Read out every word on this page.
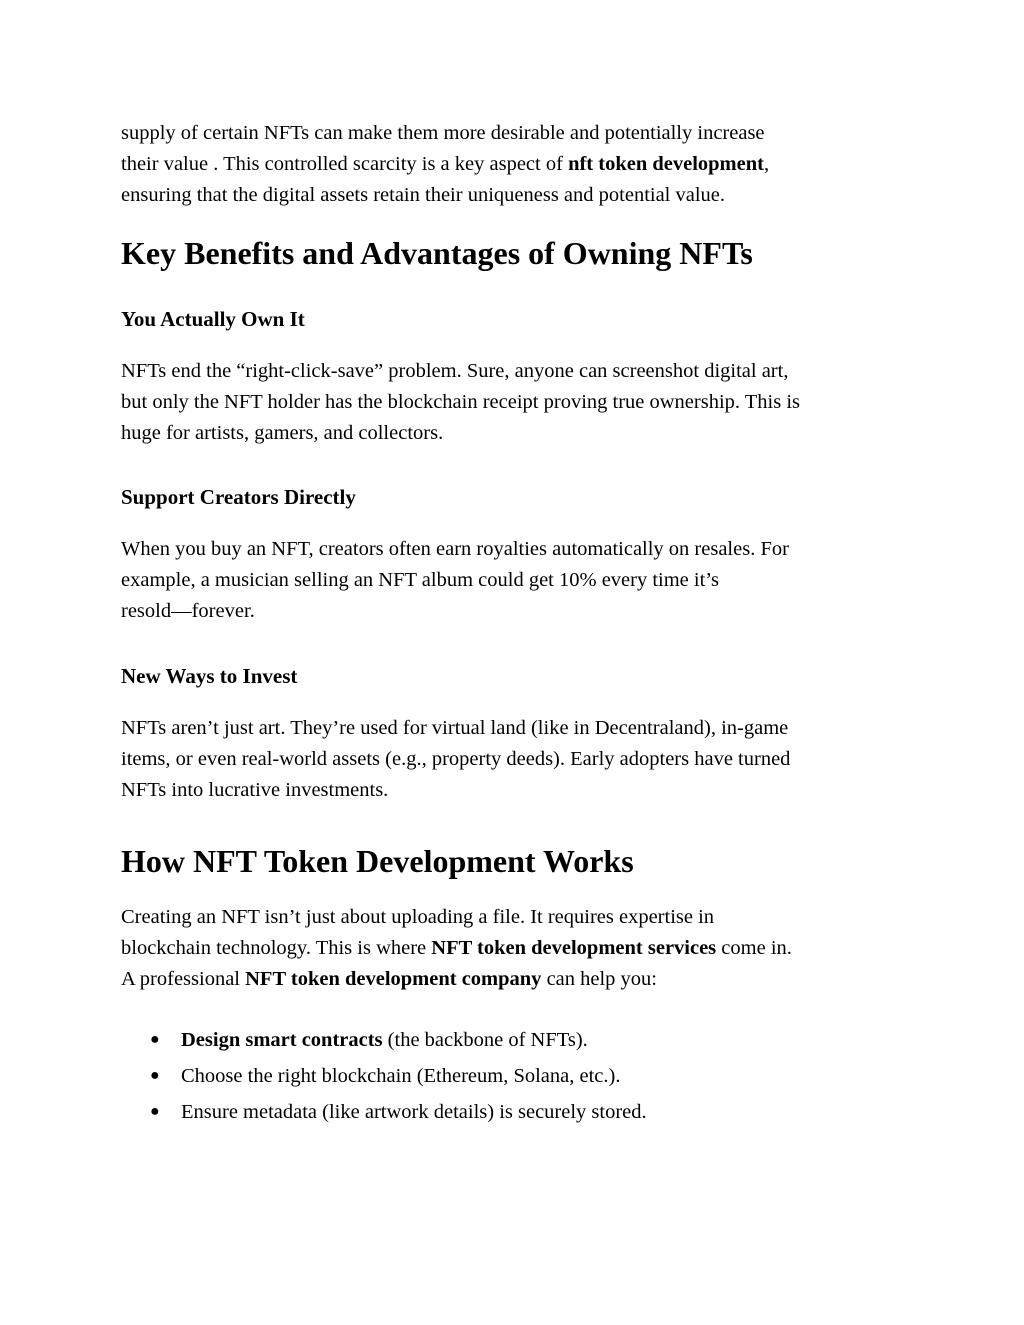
supply of certain NFTs can make them more desirable and potentially increase
their value . This controlled scarcity is a key aspect of nft token development,
ensuring that the digital assets retain their uniqueness and potential value.

Key Benefits and Advantages of Owning NFTs
You Actually Own It

NFTs end the “right-click-save” problem. Sure, anyone can screenshot digital art,
but only the NFT holder has the blockchain receipt proving true ownership. This is
huge for artists, gamers, and collectors.

Support Creators Directly

When you buy an NFT, creators often earn royalties automatically on resales. For
example, a musician selling an NFT album could get 10% every time it’s
resold—forever.

New Ways to Invest

NFTs aren’t just art. They’re used for virtual land (like in Decentraland), in-game
items, or even real-world assets (e.g., property deeds). Early adopters have turned
NFTs into lucrative investments.

How NFT Token Development Works

Creating an NFT isn’t just about uploading a file. It requires expertise in
blockchain technology. This is where NFT token development services come in.
A professional NFT token development company can help you:

● Design smart contracts (the backbone of NFTs).
● Choose the right blockchain (Ethereum, Solana, etc.).
● Ensure metadata (like artwork details) is securely stored.
